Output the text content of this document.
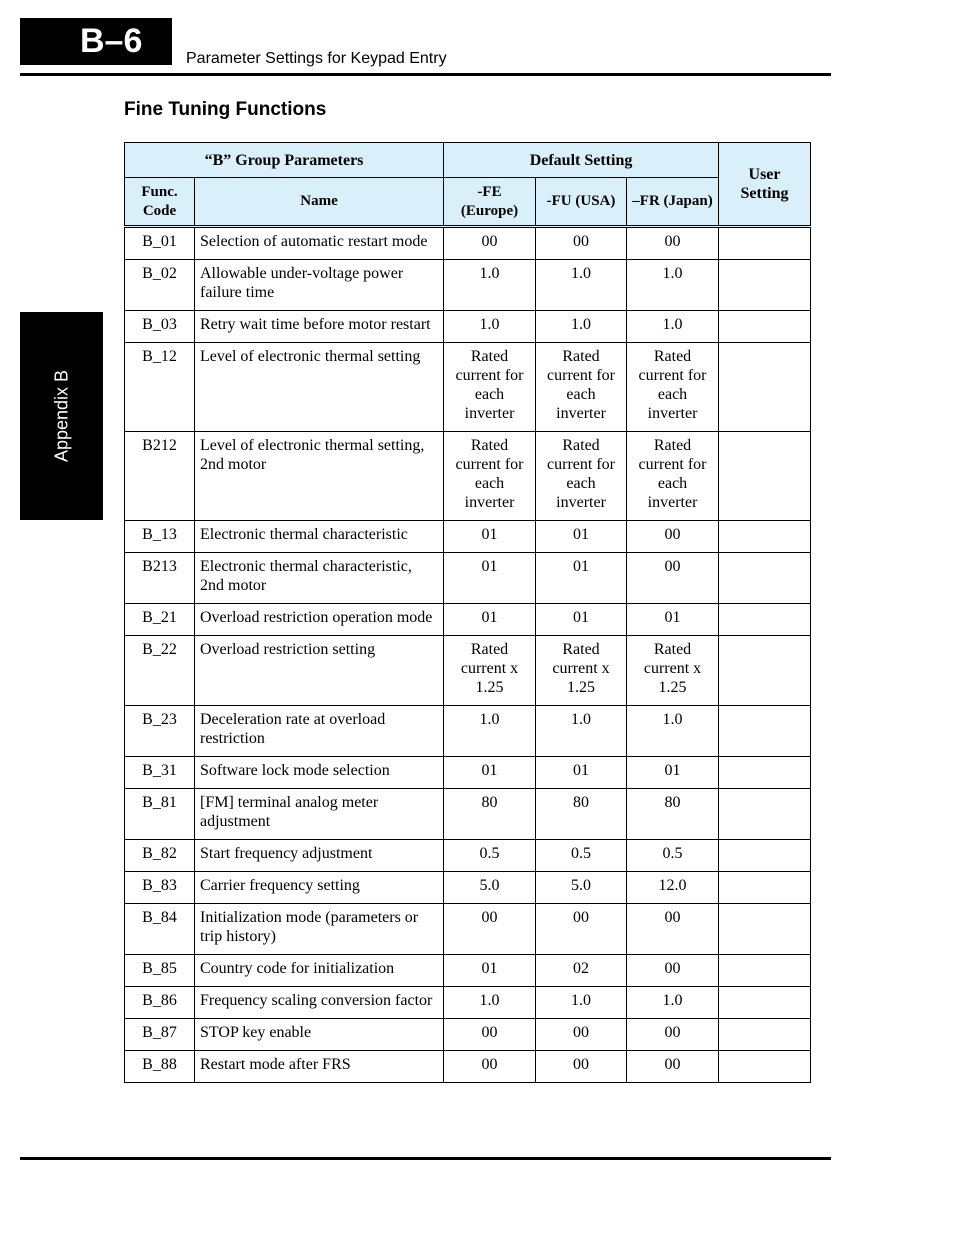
B–6	Parameter Settings for Keypad Entry
Appendix B
Fine Tuning Functions
“B” Group Parameters		Default Setting			User Setting
Func. Code	Name	-FE (Europe)	-FU (USA)	–FR (Japan)	
B_01	Selection of automatic restart mode	00	00	00	
B_02	Allowable under-voltage power failure time	1.0	1.0	1.0	
B_03	Retry wait time before motor restart	1.0	1.0	1.0	
B_12	Level of electronic thermal setting	Rated current for each inverter	Rated current for each inverter	Rated current for each inverter	
B212	Level of electronic thermal setting, 2nd motor	Rated current for each inverter	Rated current for each inverter	Rated current for each inverter	
B_13	Electronic thermal characteristic	01	01	00	
B213	Electronic thermal characteristic, 2nd motor	01	01	00	
B_21	Overload restriction operation mode	01	01	01	
B_22	Overload restriction setting	Rated current x 1.25	Rated current x 1.25	Rated current x 1.25	
B_23	Deceleration rate at overload restriction	1.0	1.0	1.0	
B_31	Software lock mode selection	01	01	01	
B_81	[FM] terminal analog meter adjustment	80	80	80	
B_82	Start frequency adjustment	0.5	0.5	0.5	
B_83	Carrier frequency setting	5.0	5.0	12.0	
B_84	Initialization mode (parameters or trip history)	00	00	00	
B_85	Country code for initialization	01	02	00	
B_86	Frequency scaling conversion factor	1.0	1.0	1.0	
B_87	STOP key enable	00	00	00	
B_88	Restart mode after FRS	00	00	00	
